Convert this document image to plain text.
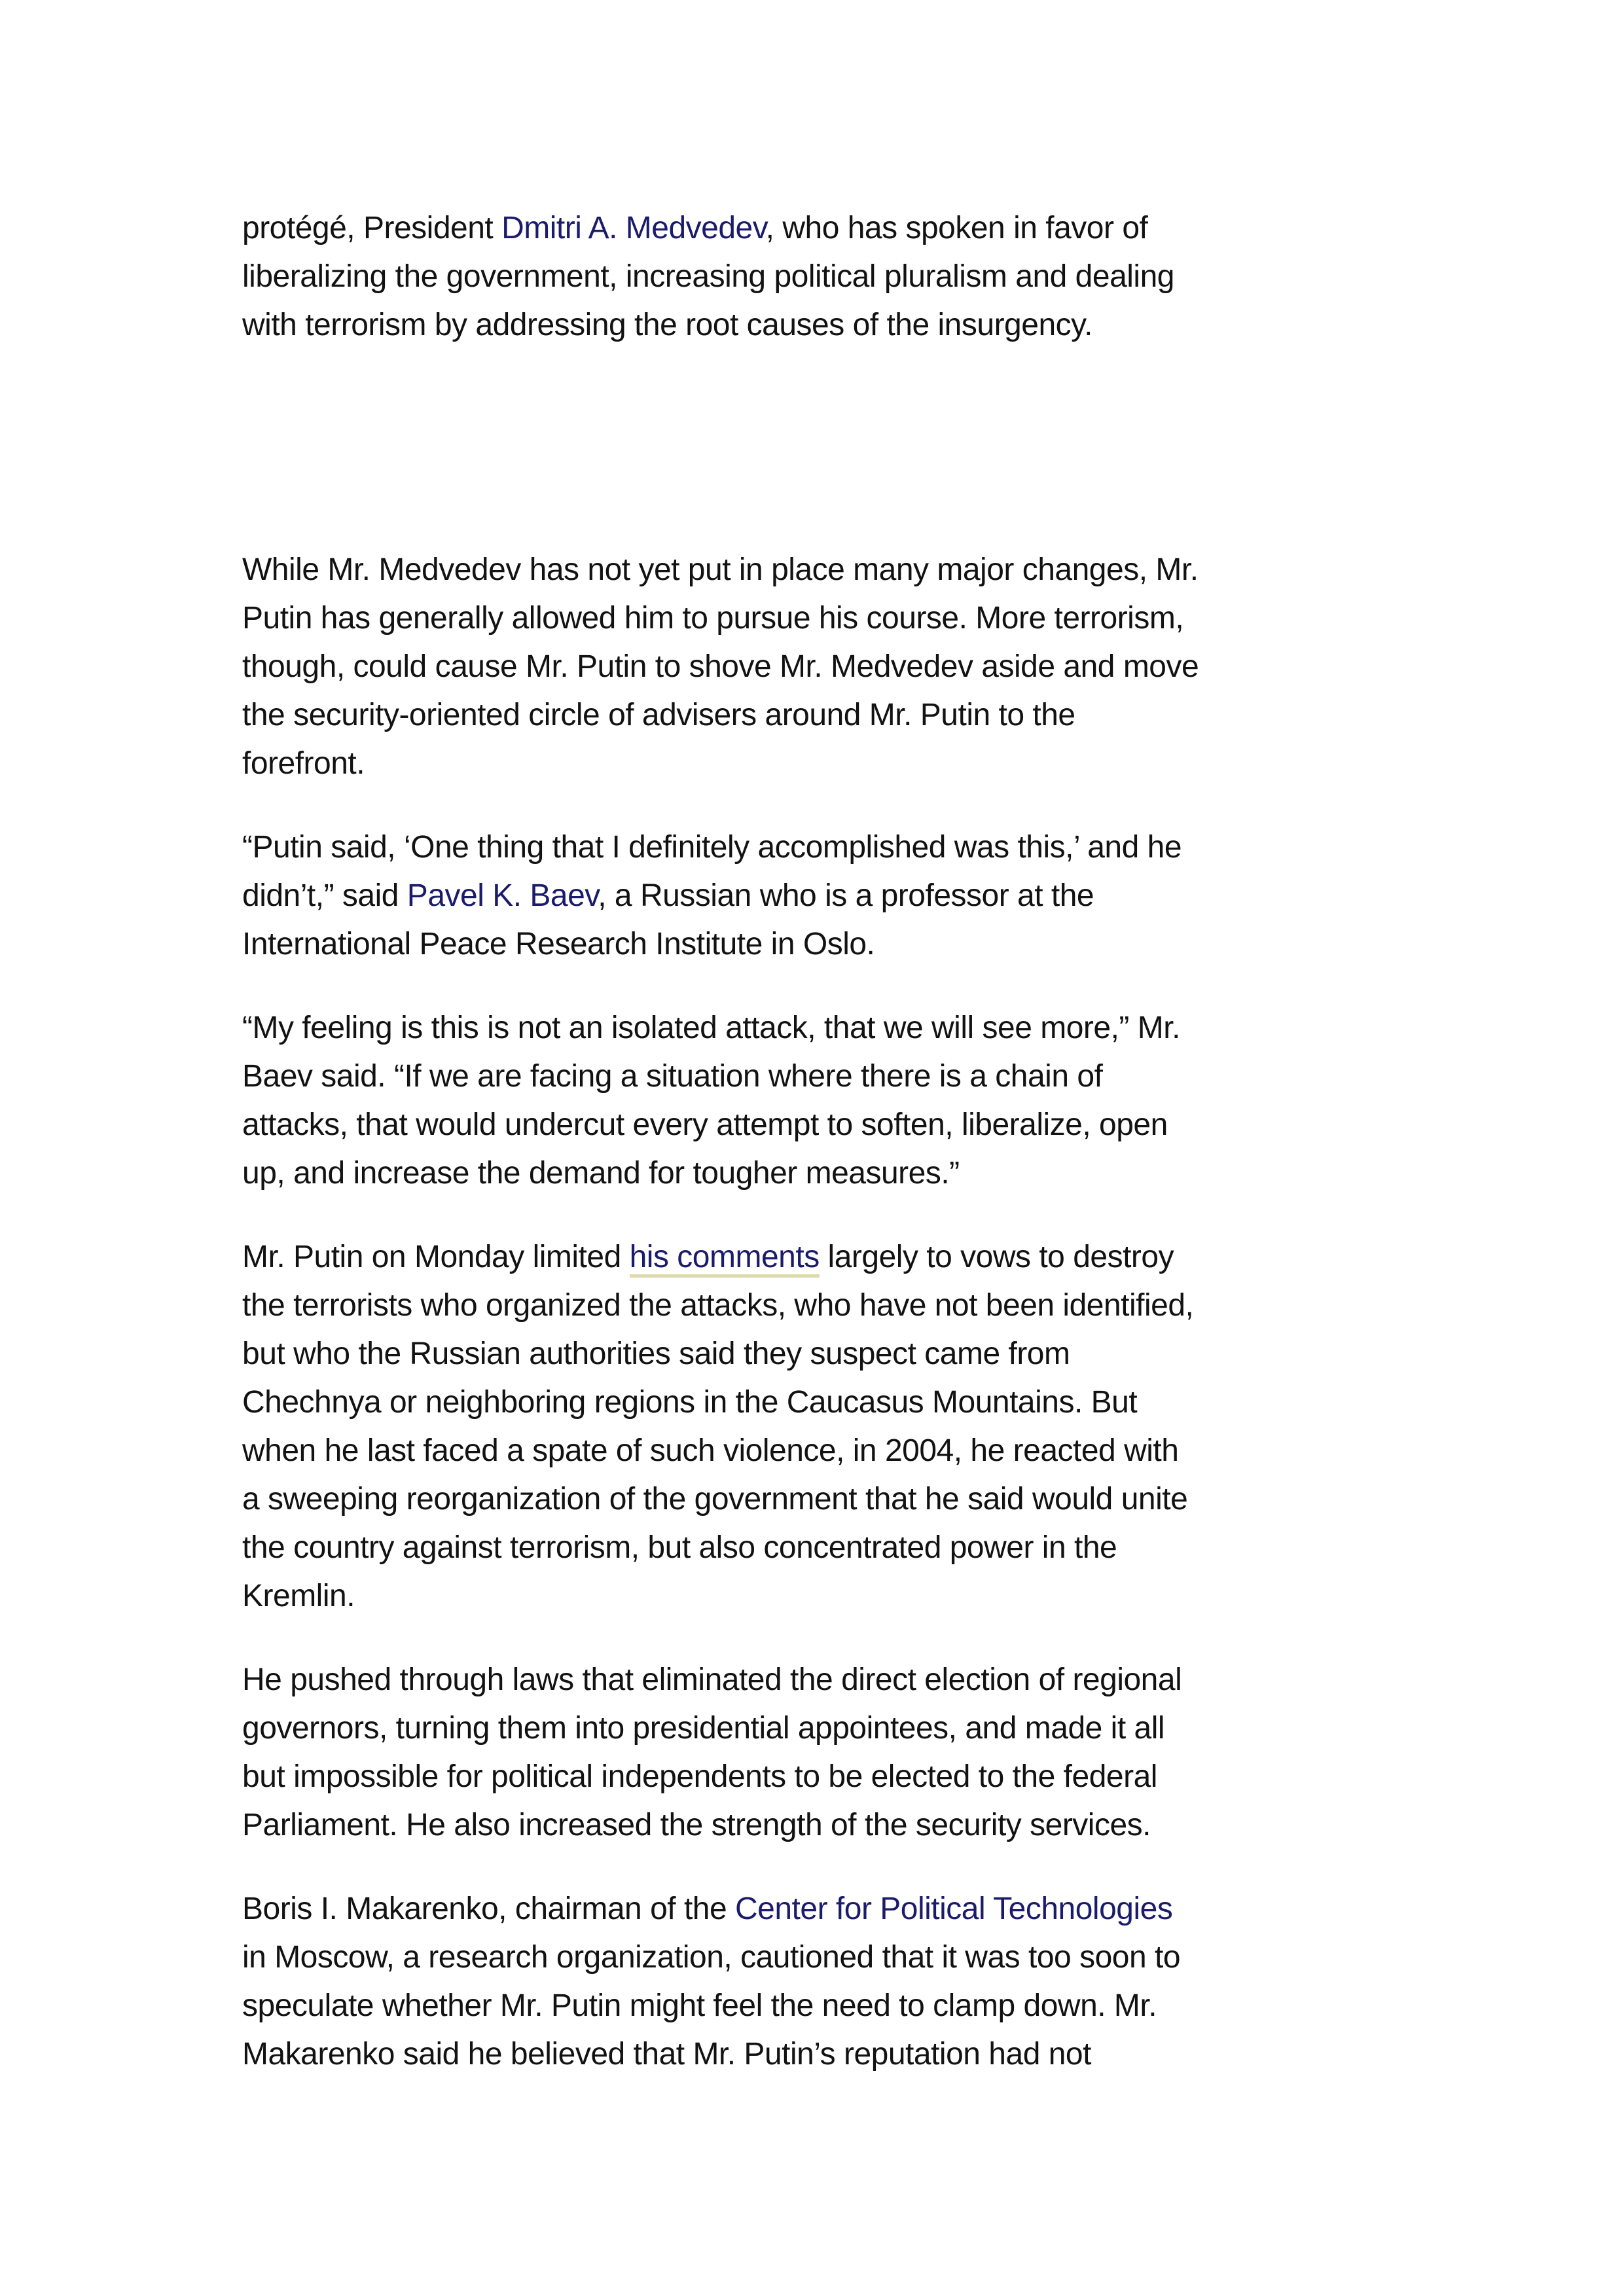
protégé, President Dmitri A. Medvedev, who has spoken in favor of
liberalizing the government, increasing political pluralism and dealing
with terrorism by addressing the root causes of the insurgency.
While Mr. Medvedev has not yet put in place many major changes, Mr.
Putin has generally allowed him to pursue his course. More terrorism,
though, could cause Mr. Putin to shove Mr. Medvedev aside and move
the security-oriented circle of advisers around Mr. Putin to the
forefront.
“Putin said, ‘One thing that I definitely accomplished was this,’ and he
didn’t,” said Pavel K. Baev, a Russian who is a professor at the
International Peace Research Institute in Oslo.
“My feeling is this is not an isolated attack, that we will see more,” Mr.
Baev said. “If we are facing a situation where there is a chain of
attacks, that would undercut every attempt to soften, liberalize, open
up, and increase the demand for tougher measures.”
Mr. Putin on Monday limited his comments largely to vows to destroy
the terrorists who organized the attacks, who have not been identified,
but who the Russian authorities said they suspect came from
Chechnya or neighboring regions in the Caucasus Mountains. But
when he last faced a spate of such violence, in 2004, he reacted with
a sweeping reorganization of the government that he said would unite
the country against terrorism, but also concentrated power in the
Kremlin.
He pushed through laws that eliminated the direct election of regional
governors, turning them into presidential appointees, and made it all
but impossible for political independents to be elected to the federal
Parliament. He also increased the strength of the security services.
Boris I. Makarenko, chairman of the Center for Political Technologies
in Moscow, a research organization, cautioned that it was too soon to
speculate whether Mr. Putin might feel the need to clamp down. Mr.
Makarenko said he believed that Mr. Putin’s reputation had not
